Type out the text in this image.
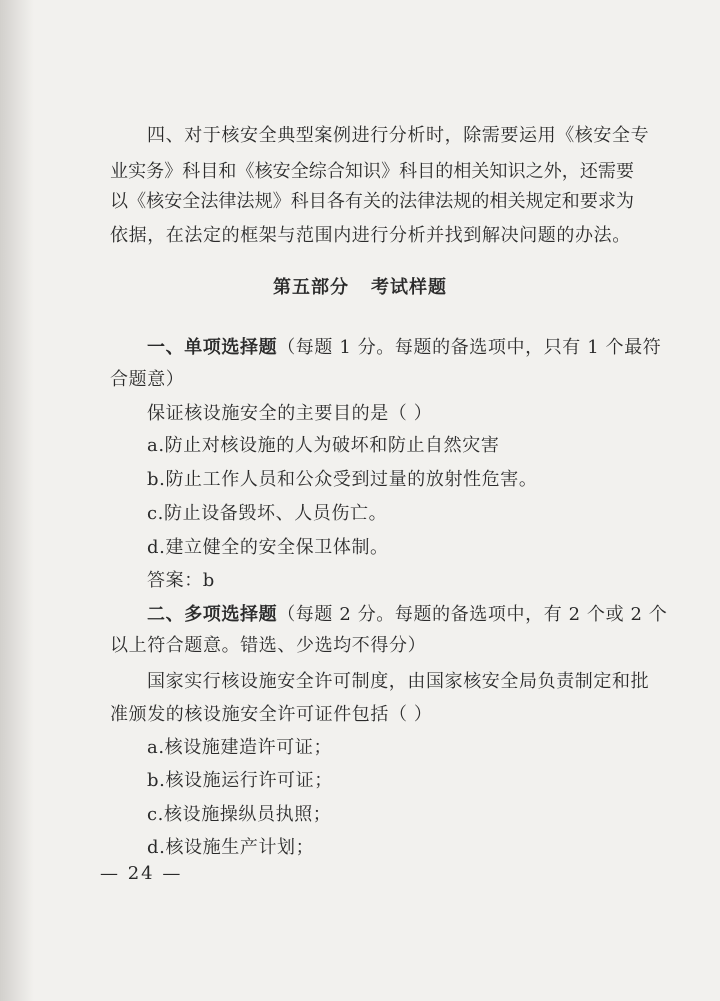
四、对于核安全典型案例进行分析时，除需要运用《核安全专
业实务》科目和《核安全综合知识》科目的相关知识之外，还需要
以《核安全法律法规》科目各有关的法律法规的相关规定和要求为
依据，在法定的框架与范围内进行分析并找到解决问题的办法。
第五部分 考试样题
一、单项选择题（每题 1 分。每题的备选项中，只有 1 个最符
合题意）
保证核设施安全的主要目的是（ ）
a.防止对核设施的人为破坏和防止自然灾害
b.防止工作人员和公众受到过量的放射性危害。
c.防止设备毁坏、人员伤亡。
d.建立健全的安全保卫体制。
答案：b
二、多项选择题（每题 2 分。每题的备选项中，有 2 个或 2 个
以上符合题意。错选、少选均不得分）
国家实行核设施安全许可制度，由国家核安全局负责制定和批
准颁发的核设施安全许可证件包括（ ）
a.核设施建造许可证；
b.核设施运行许可证；
c.核设施操纵员执照；
d.核设施生产计划；
— 24 —
